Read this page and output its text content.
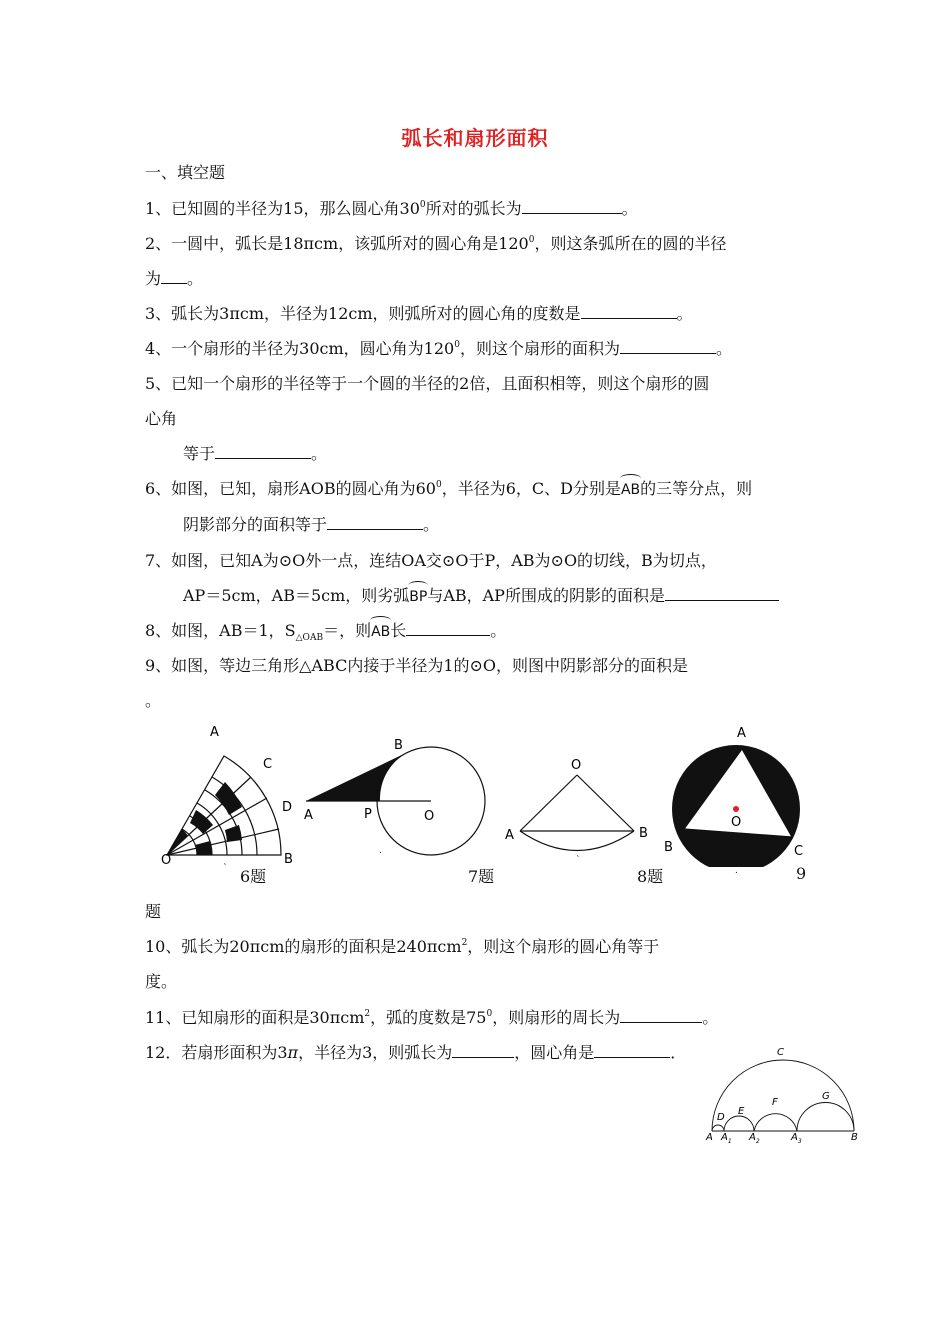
弧长和扇形面积
一、填空题
1、已知圆的半径为15，那么圆心角$30^0$所对的弧长为	。
2、一圆中，弧长是18πcm，该弧所对的圆心角是$120^0$，则这条弧所在的圆的半径
为 。
3、弧长为3πcm，半径为12cm，则弧所对的圆心角的度数是	。
4、一个扇形的半径为30cm，圆心角为$120^0$，则这个扇形的面积为	。
5、已知一个扇形的半径等于一个圆的半径的2倍，且面积相等，则这个扇形的圆
心角
等于	。
6、如图，已知，扇形AOB的圆心角为$60^0$，半径为6，C、D分别是AB的三等分点，则
阴影部分的面积等于	。
7、如图，已知A为⊙O外一点，连结OA交⊙O于P，AB为⊙O的切线，B为切点，
AP＝5cm，AB＝5cm，则劣弧BP与AB，AP所围成的阴影的面积是
8、如图，AB＝1，$S_{\triangle OAB}=$，则AB长	。
9、如图，等边三角形△ABC内接于半径为1的⊙O，则图中阴影部分的面积是
。
A
C
D
O	B
` 6题
B
A	P	O
.
7题
O
A	B
`
8题
A
B	C
O
.	9
题
10、弧长为20πcm的扇形的面积是240πcm$^2$，则这个扇形的圆心角等于
度。
11、已知扇形的面积是30πcm$^2$，弧的度数是$75^0$，则扇形的周长为	。
12．若扇形面积为3π，半径为3，则弧长为	，圆心角是	．	C
D
E
F
G
A $A_1$ $A_2$	$A_3$	B
